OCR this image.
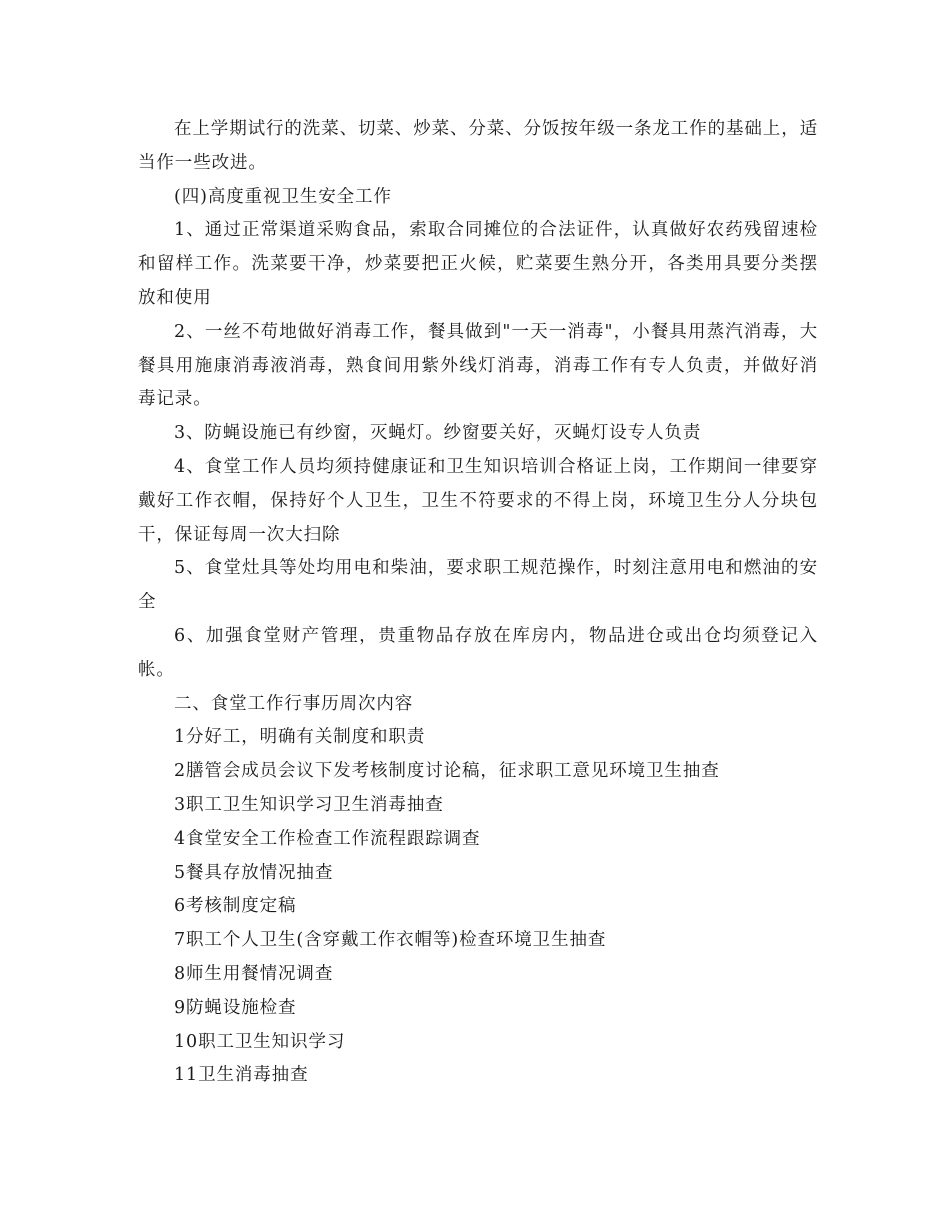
在上学期试行的洗菜、切菜、炒菜、分菜、分饭按年级一条龙工作的基础上，适当作一些改进。

(四)高度重视卫生安全工作

1、通过正常渠道采购食品，索取合同摊位的合法证件，认真做好农药残留速检和留样工作。洗菜要干净，炒菜要把正火候，贮菜要生熟分开，各类用具要分类摆放和使用

2、一丝不苟地做好消毒工作，餐具做到"一天一消毒"，小餐具用蒸汽消毒，大餐具用施康消毒液消毒，熟食间用紫外线灯消毒，消毒工作有专人负责，并做好消毒记录。

3、防蝇设施已有纱窗，灭蝇灯。纱窗要关好，灭蝇灯设专人负责

4、食堂工作人员均须持健康证和卫生知识培训合格证上岗，工作期间一律要穿戴好工作衣帽，保持好个人卫生，卫生不符要求的不得上岗，环境卫生分人分块包干，保证每周一次大扫除

5、食堂灶具等处均用电和柴油，要求职工规范操作，时刻注意用电和燃油的安全

6、加强食堂财产管理，贵重物品存放在库房内，物品进仓或出仓均须登记入帐。

二、食堂工作行事历周次内容

1分好工，明确有关制度和职责

2膳管会成员会议下发考核制度讨论稿，征求职工意见环境卫生抽查

3职工卫生知识学习卫生消毒抽查

4食堂安全工作检查工作流程跟踪调查

5餐具存放情况抽查

6考核制度定稿

7职工个人卫生(含穿戴工作衣帽等)检查环境卫生抽查

8师生用餐情况调查

9防蝇设施检查

10职工卫生知识学习

11卫生消毒抽查
